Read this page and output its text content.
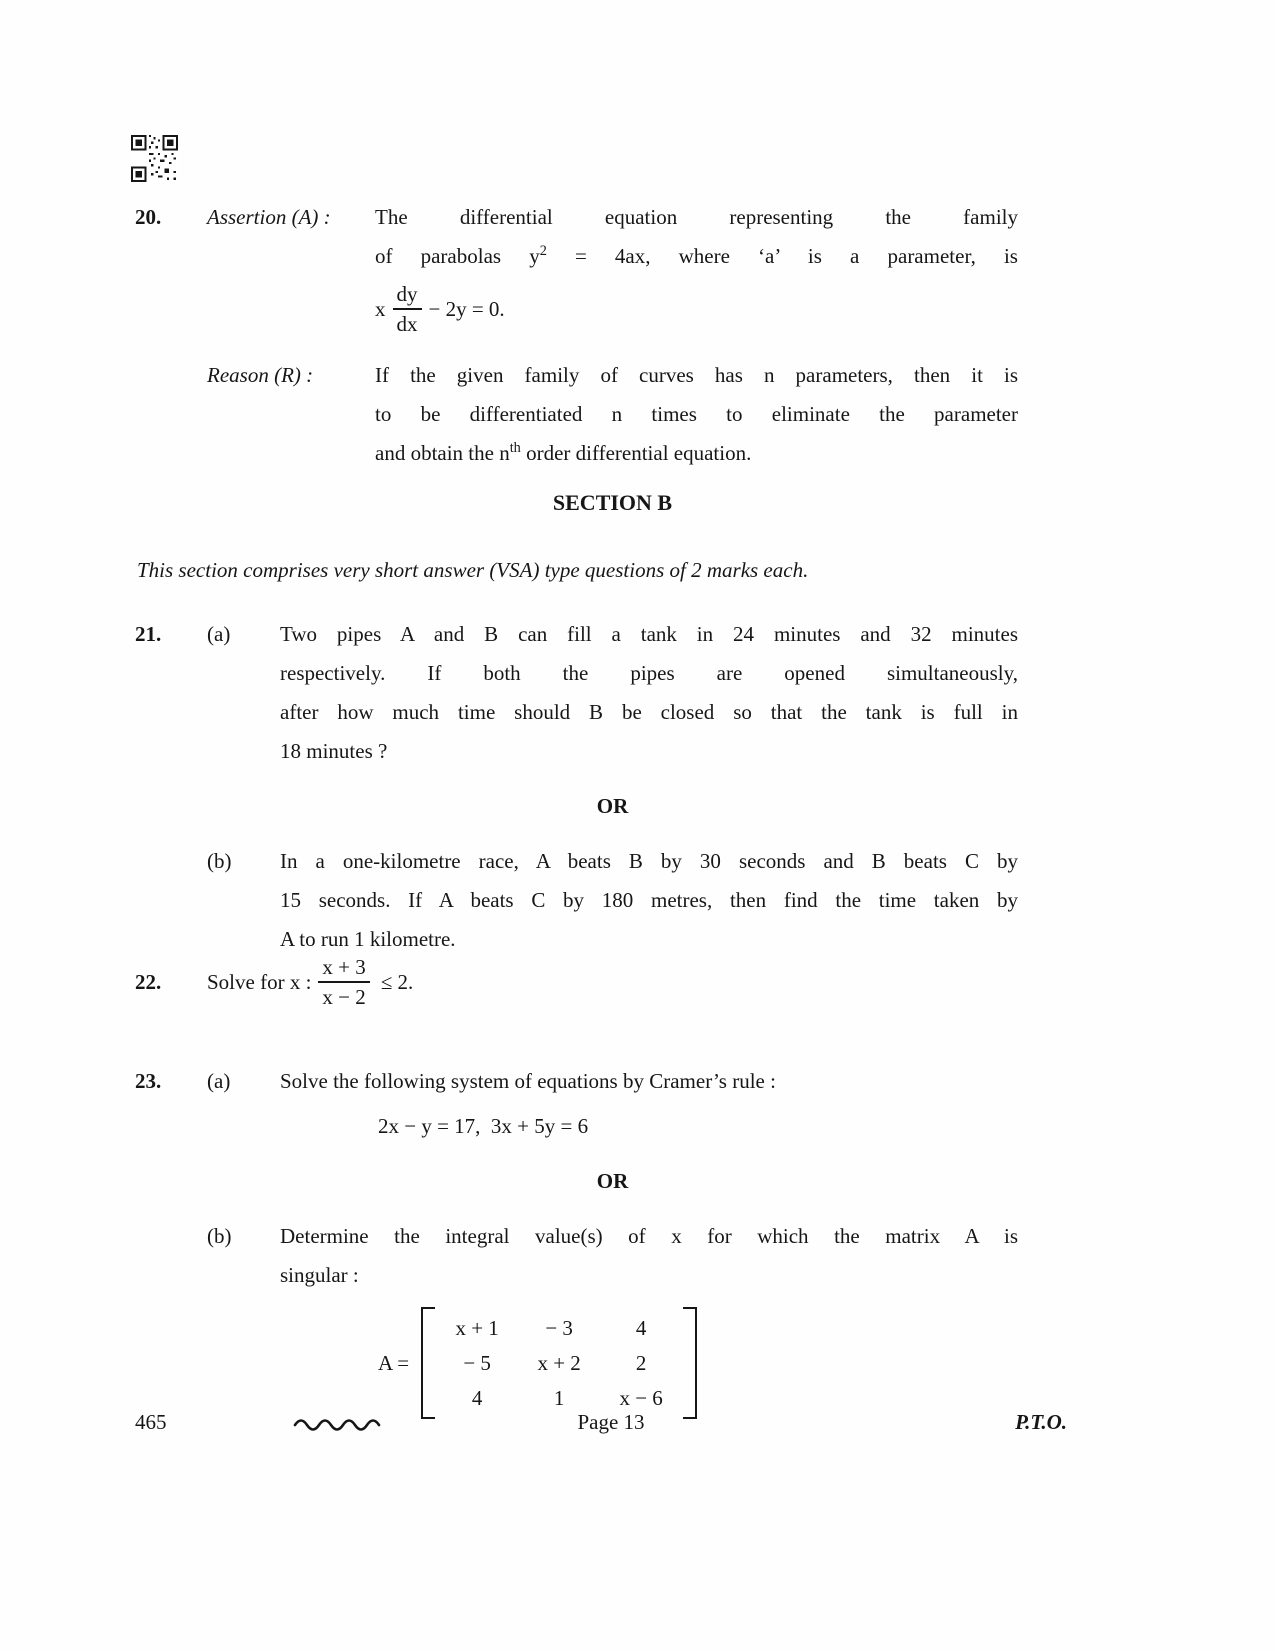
20.	Assertion (A) :	The differential equation representing the family
of parabolas $y^2 = 4ax$, where ‘a’ is a parameter, is
x $\frac{dy}{dx} - 2y = 0$.
Reason (R) :	If the given family of curves has n parameters, then it is
to be differentiated n times to eliminate the parameter
and obtain the $n^{th}$ order differential equation.
SECTION B
This section comprises very short answer (VSA) type questions of 2 marks each.
21.	(a)	Two pipes A and B can fill a tank in 24 minutes and 32 minutes
respectively. If both the pipes are opened simultaneously,
after how much time should B be closed so that the tank is full in
18 minutes ?
OR
(b)	In a one-kilometre race, A beats B by 30 seconds and B beats C by
15 seconds. If A beats C by 180 metres, then find the time taken by
A to run 1 kilometre.
22.	Solve for x : $\frac{x + 3}{x - 2} \le 2$.
23.	(a)	Solve the following system of equations by Cramer’s rule :
2x − y = 17,  3x + 5y = 6
OR
(b)	Determine the integral value(s) of x for which the matrix A is
singular :
A =
x + 1	− 3	4
− 5	x + 2	2
4	1	x − 6
465	Page 13	P.T.O.
